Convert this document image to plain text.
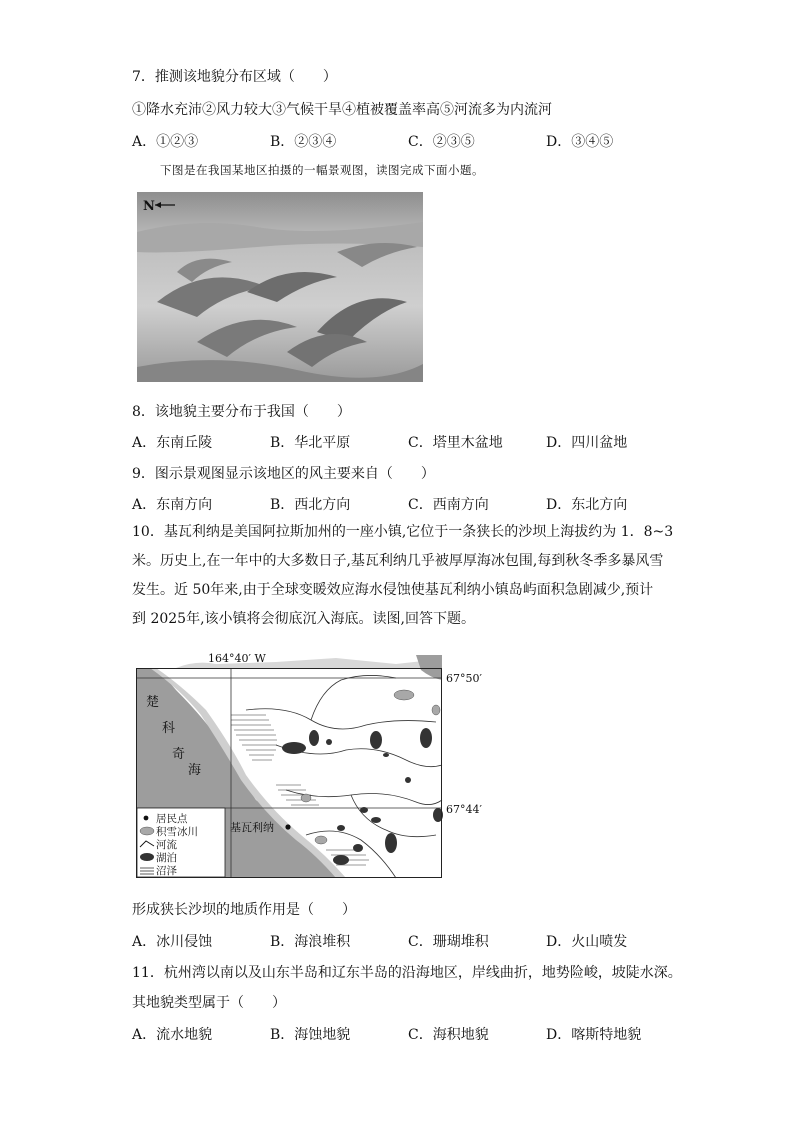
7．推测该地貌分布区域（　　）
①降水充沛②风力较大③气候干旱④植被覆盖率高⑤河流多为内流河
A．①②③	B．②③④	C．②③⑤	D．③④⑤
下图是在我国某地区拍摄的一幅景观图，读图完成下面小题。
N
8．该地貌主要分布于我国（　　）
A．东南丘陵	B．华北平原	C．塔里木盆地	D．四川盆地
9．图示景观图显示该地区的风主要来自（　　）
A．东南方向	B．西北方向	C．西南方向	D．东北方向
10．基瓦利纳是美国阿拉斯加州的一座小镇,它位于一条狭长的沙坝上海拔约为 1．8~3
米。历史上,在一年中的大多数日子,基瓦利纳几乎被厚厚海冰包围,每到秋冬季多暴风雪
发生。近 50年来,由于全球变暖效应海水侵蚀使基瓦利纳小镇岛屿面积急剧减少,预计
到 2025年,该小镇将会彻底沉入海底。读图,回答下题。
164°40′ W
67°50′
67°44′
楚
科
奇
海
基瓦利纳
居民点
积雪冰川
河流
湖泊
沼泽
形成狭长沙坝的地质作用是（　　）
A．冰川侵蚀	B．海浪堆积	C．珊瑚堆积	D．火山喷发
11．杭州湾以南以及山东半岛和辽东半岛的沿海地区，岸线曲折，地势险峻，坡陡水深。
其地貌类型属于（　　）
A．流水地貌	B．海蚀地貌	C．海积地貌	D．喀斯特地貌
